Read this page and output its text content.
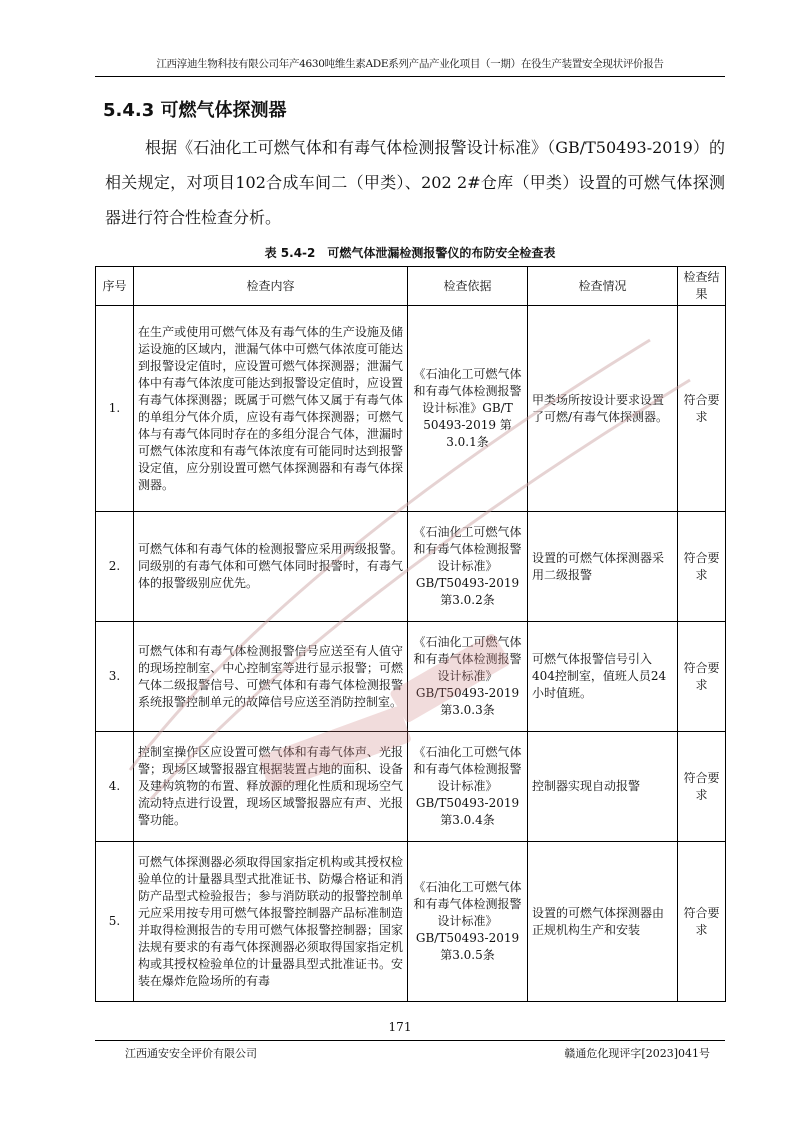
江西淳迪生物科技有限公司年产4630吨维生素ADE系列产品产业化项目（一期）在役生产装置安全现状评价报告
5.4.3 可燃气体探测器
根据《石油化工可燃气体和有毒气体检测报警设计标准》（GB/T50493-2019）的相关规定，对项目102合成车间二（甲类）、202 2#仓库（甲类）设置的可燃气体探测器进行符合性检查分析。
表 5.4-2　可燃气体泄漏检测报警仪的布防安全检查表
序号	检查内容	检查依据	检查情况	检查结果
1.	在生产或使用可燃气体及有毒气体的生产设施及储运设施的区域内，泄漏气体中可燃气体浓度可能达到报警设定值时，应设置可燃气体探测器；泄漏气体中有毒气体浓度可能达到报警设定值时，应设置有毒气体探测器；既属于可燃气体又属于有毒气体的单组分气体介质，应设有毒气体探测器；可燃气体与有毒气体同时存在的多组分混合气体，泄漏时可燃气体浓度和有毒气体浓度有可能同时达到报警设定值，应分别设置可燃气体探测器和有毒气体探测器。	《石油化工可燃气体和有毒气体检测报警设计标准》GB/T 50493-2019 第3.0.1条	甲类场所按设计要求设置了可燃/有毒气体探测器。	符合要求
2.	可燃气体和有毒气体的检测报警应采用两级报警。同级别的有毒气体和可燃气体同时报警时，有毒气体的报警级别应优先。	《石油化工可燃气体和有毒气体检测报警设计标准》GB/T50493-2019 第3.0.2条	设置的可燃气体探测器采用二级报警	符合要求
3.	可燃气体和有毒气体检测报警信号应送至有人值守的现场控制室、中心控制室等进行显示报警；可燃气体二级报警信号、可燃气体和有毒气体检测报警系统报警控制单元的故障信号应送至消防控制室。	《石油化工可燃气体和有毒气体检测报警设计标准》GB/T50493-2019 第3.0.3条	可燃气体报警信号引入404控制室，值班人员24小时值班。	符合要求
4.	控制室操作区应设置可燃气体和有毒气体声、光报警；现场区域警报器宜根据装置占地的面积、设备及建构筑物的布置、释放源的理化性质和现场空气流动特点进行设置，现场区域警报器应有声、光报警功能。	《石油化工可燃气体和有毒气体检测报警设计标准》GB/T50493-2019 第3.0.4条	控制器实现自动报警	符合要求
5.	可燃气体探测器必须取得国家指定机构或其授权检验单位的计量器具型式批准证书、防爆合格证和消防产品型式检验报告；参与消防联动的报警控制单元应采用按专用可燃气体报警控制器产品标准制造并取得检测报告的专用可燃气体报警控制器；国家法规有要求的有毒气体探测器必须取得国家指定机构或其授权检验单位的计量器具型式批准证书。安装在爆炸危险场所的有毒	《石油化工可燃气体和有毒气体检测报警设计标准》GB/T50493-2019 第3.0.5条	设置的可燃气体探测器由正规机构生产和安装	符合要求
171
江西通安安全评价有限公司	赣通危化现评字[2023]041号
